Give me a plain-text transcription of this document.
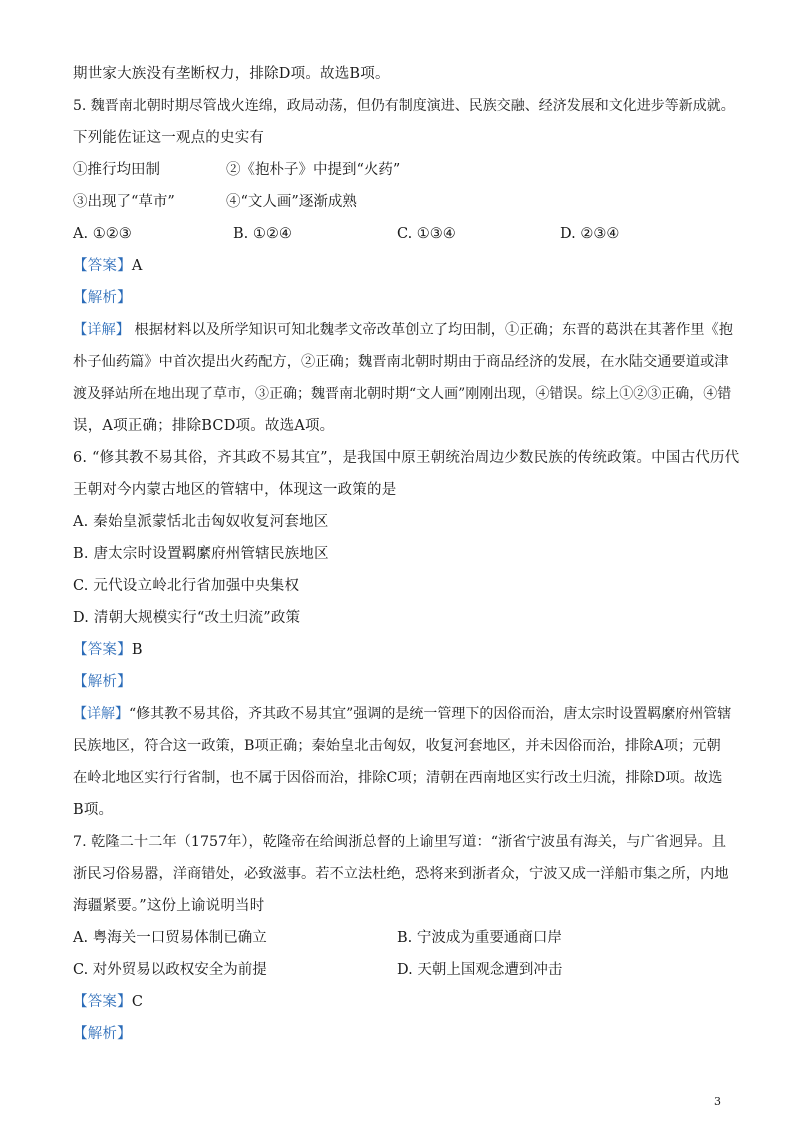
期世家大族没有垄断权力，排除D项。故选B项。
5. 魏晋南北朝时期尽管战火连绵，政局动荡，但仍有制度演进、民族交融、经济发展和文化进步等新成就。
下列能佐证这一观点的史实有
①推行均田制	②《抱朴子》中提到“火药”
③出现了“草市”	④“文人画”逐渐成熟
A. ①②③	B. ①②④	C. ①③④	D. ②③④
【答案】A
【解析】
【详解】 根据材料以及所学知识可知北魏孝文帝改革创立了均田制，①正确；东晋的葛洪在其著作里《抱
朴子仙药篇》中首次提出火药配方，②正确；魏晋南北朝时期由于商品经济的发展，在水陆交通要道或津
渡及驿站所在地出现了草市，③正确；魏晋南北朝时期“文人画”刚刚出现，④错误。综上①②③正确，④错
误，A项正确；排除BCD项。故选A项。
6. “修其教不易其俗，齐其政不易其宜”，是我国中原王朝统治周边少数民族的传统政策。中国古代历代
王朝对今内蒙古地区的管辖中，体现这一政策的是
A. 秦始皇派蒙恬北击匈奴收复河套地区
B. 唐太宗时设置羁縻府州管辖民族地区
C. 元代设立岭北行省加强中央集权
D. 清朝大规模实行“改土归流”政策
【答案】B
【解析】
【详解】“修其教不易其俗，齐其政不易其宜”强调的是统一管理下的因俗而治，唐太宗时设置羁縻府州管辖
民族地区，符合这一政策，B项正确；秦始皇北击匈奴，收复河套地区，并未因俗而治，排除A项；元朝
在岭北地区实行行省制，也不属于因俗而治，排除C项；清朝在西南地区实行改土归流，排除D项。故选
B项。
7. 乾隆二十二年（1757年），乾隆帝在给闽浙总督的上谕里写道：“浙省宁波虽有海关，与广省迥异。且
浙民习俗易嚣，洋商错处，必致滋事。若不立法杜绝，恐将来到浙者众，宁波又成一洋船市集之所，内地
海疆紧要。”这份上谕说明当时
A. 粤海关一口贸易体制已确立	B. 宁波成为重要通商口岸
C. 对外贸易以政权安全为前提	D. 天朝上国观念遭到冲击
【答案】C
【解析】
3
